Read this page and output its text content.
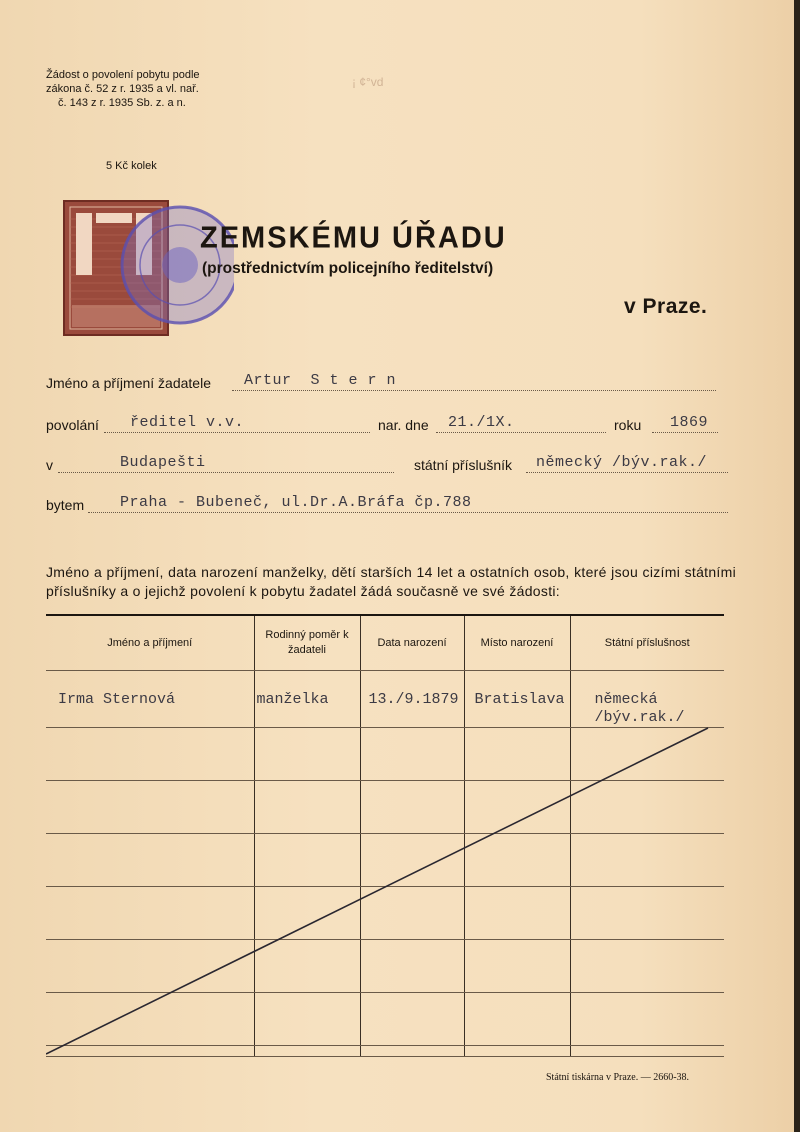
Žádost o povolení pobytu podle
zákona č. 52 z r. 1935 a vl. nař.
č. 143 z r. 1935 Sb. z. a n.
¡ ¢°vd
5 Kč kolek
ZEMSKÉMU ÚŘADU
(prostřednictvím policejního ředitelství)
v Praze.
Jméno a příjmení žadatele Artur  S t e r n
povolání ředitel v.v.	nar. dne 21./1X.	roku 1869
v	Budapešti	státní příslušník německý /býv.rak./
bytem Praha - Bubeneč, ul.Dr.A.Bráfa čp.788
Jméno a příjmení, data narození manželky, dětí starších 14 let a ostatních osob, které jsou cizími státními příslušníky a o jejichž povolení k pobytu žadatel žádá současně ve své žádosti:
Jméno a příjmení	Rodinný poměr k žadateli	Data narození	Místo narození	Státní příslušnost

Irma Sternová	manželka	13./9.1879	Bratislava	německá /býv.rak./

Státní tiskárna v Praze. — 2660-38.
